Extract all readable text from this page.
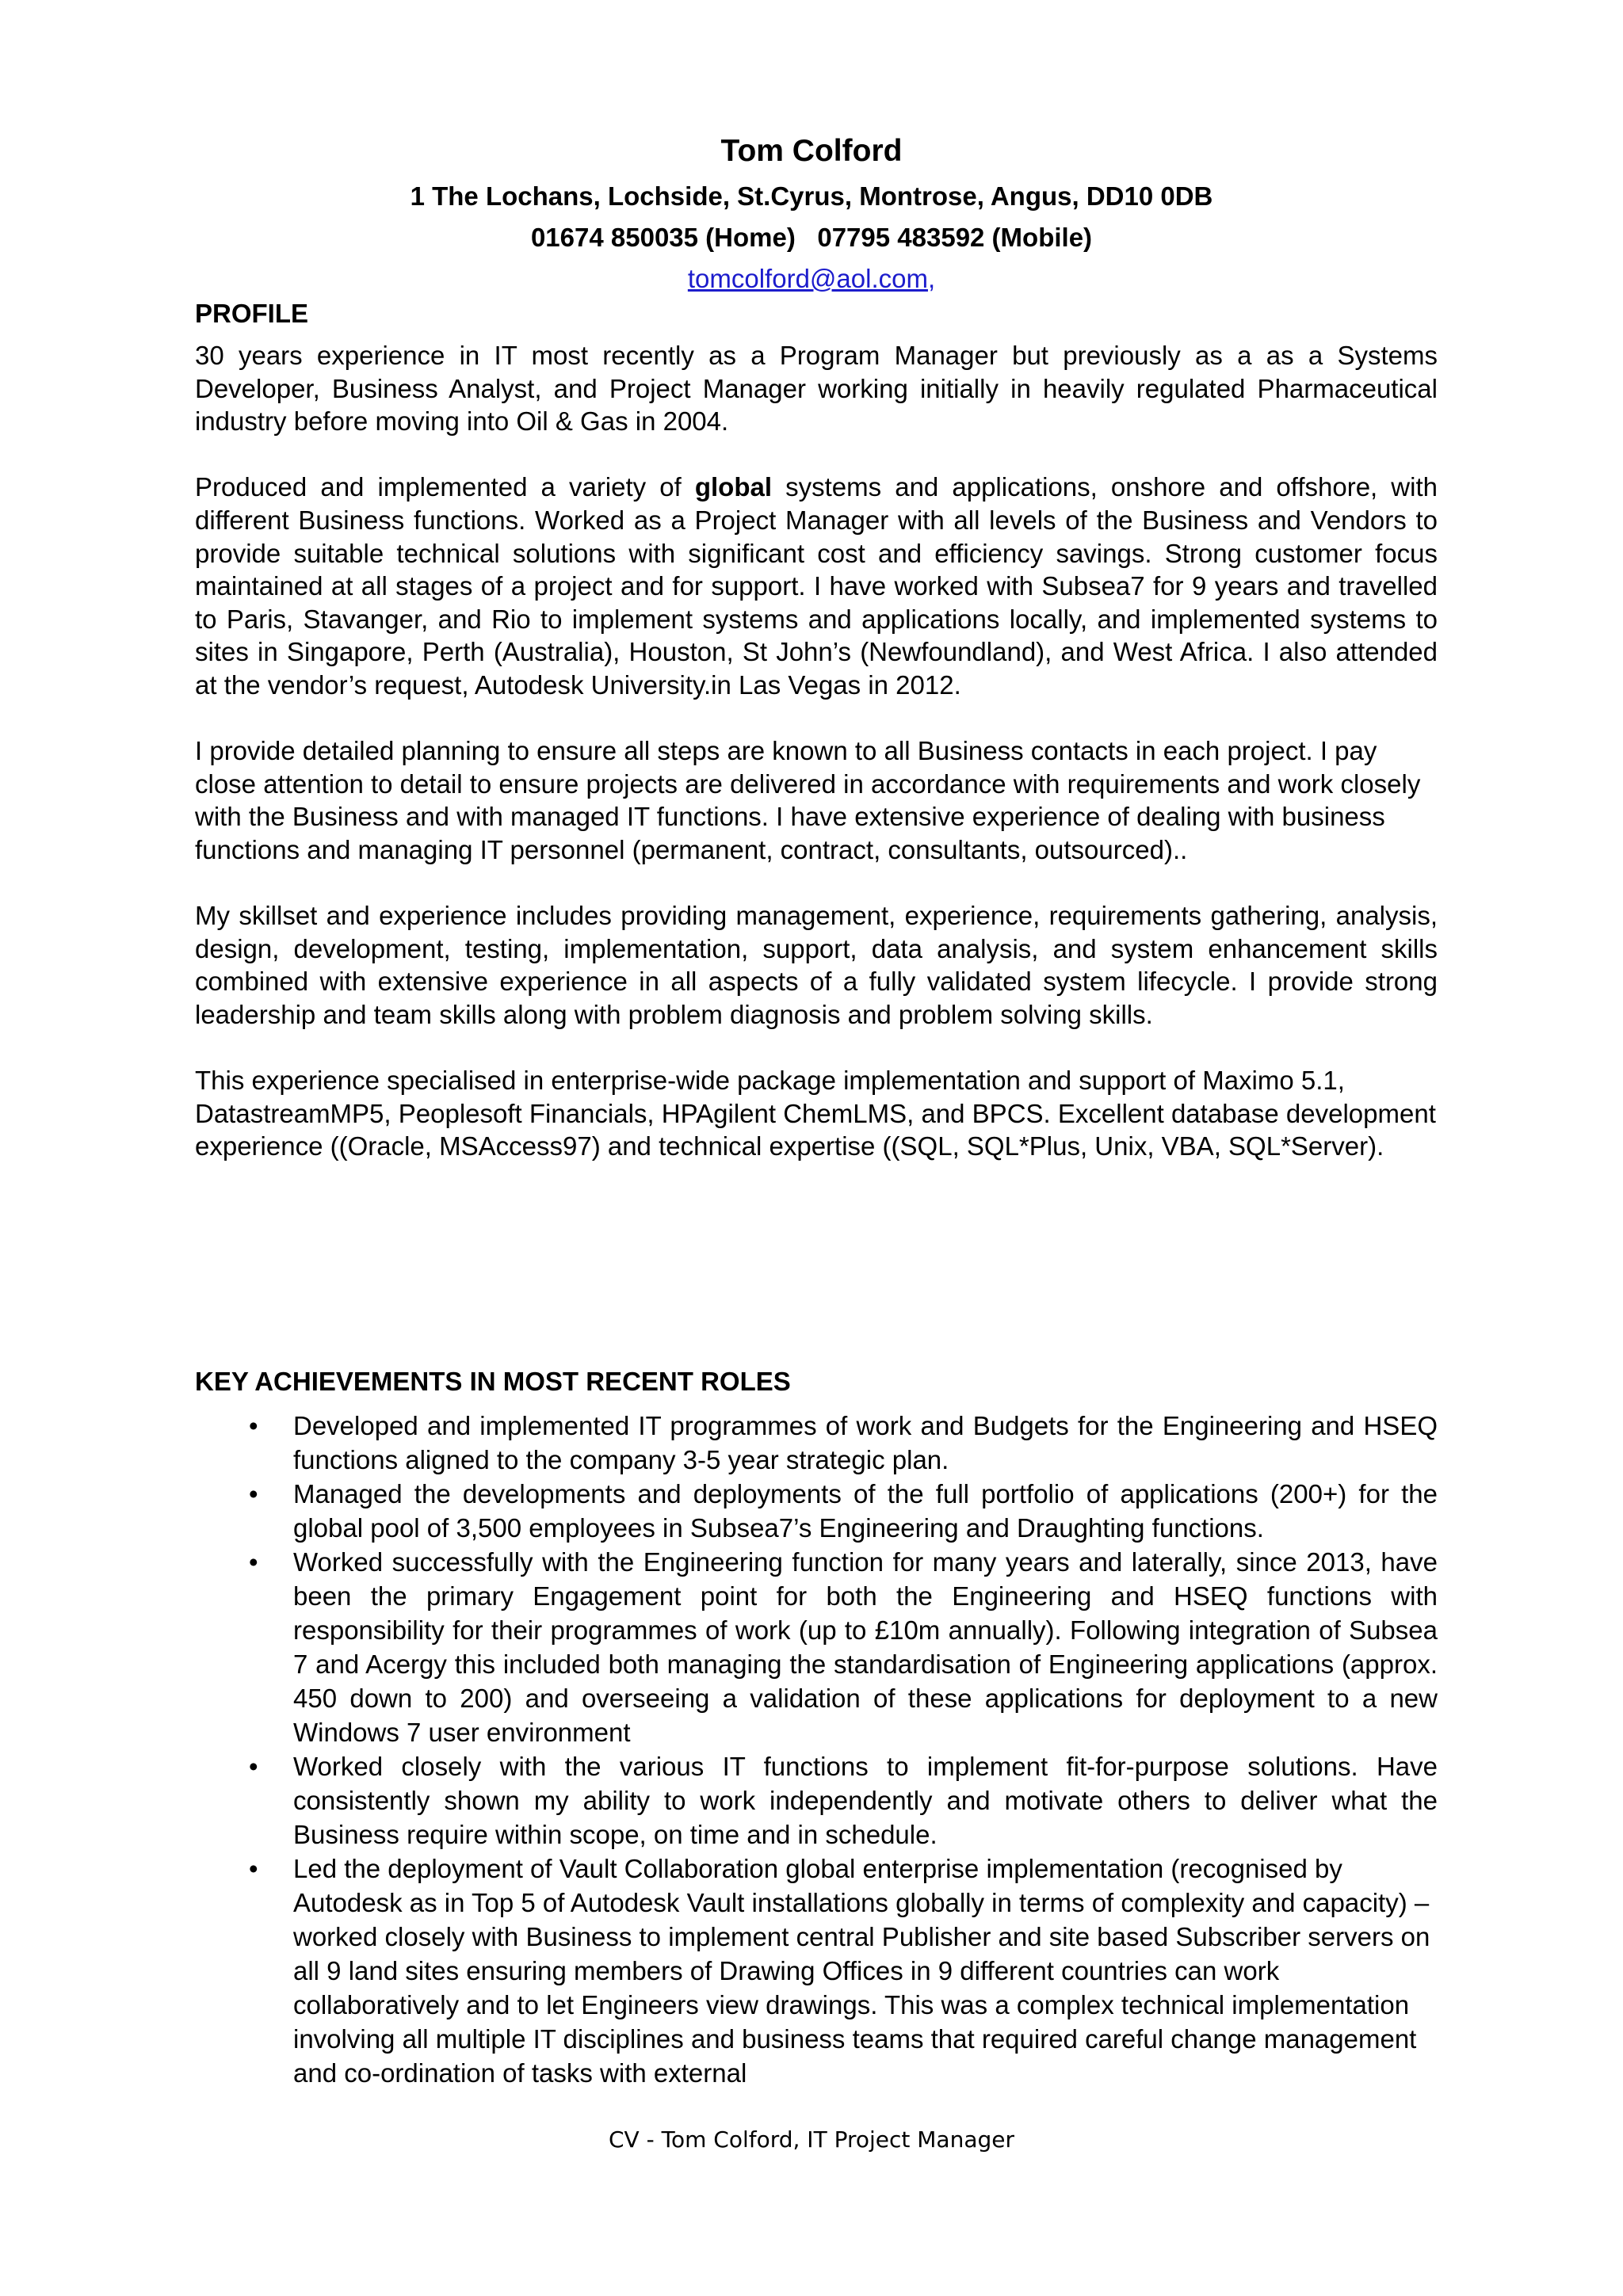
Tom Colford
1 The Lochans, Lochside, St.Cyrus, Montrose, Angus, DD10 0DB
01674 850035 (Home)   07795 483592 (Mobile)
tomcolford@aol.com,
PROFILE

30 years experience in IT most recently as a Program Manager but previously as a as a Systems Developer, Business Analyst, and Project Manager working initially in heavily regulated Pharmaceutical industry before moving into Oil & Gas in 2004.

Produced and implemented a variety of global systems and applications, onshore and offshore, with different Business functions. Worked as a Project Manager with all levels of the Business and Vendors to provide suitable technical solutions with significant cost and efficiency savings. Strong customer focus maintained at all stages of a project and for support. I have worked with Subsea7 for 9 years and travelled to Paris, Stavanger, and Rio to implement systems and applications locally, and implemented systems to sites in Singapore, Perth (Australia), Houston, St John’s (Newfoundland), and West Africa. I also attended at the vendor’s request, Autodesk University.in Las Vegas in 2012.

I provide detailed planning to ensure all steps are known to all Business contacts in each project. I pay close attention to detail to ensure projects are delivered in accordance with requirements and work closely with the Business and with managed IT functions. I have extensive experience of dealing with business functions and managing IT personnel (permanent, contract, consultants, outsourced)..

My skillset and experience includes providing management, experience, requirements gathering, analysis, design, development, testing, implementation, support, data analysis, and system enhancement skills combined with extensive experience in all aspects of a fully validated system lifecycle. I provide strong leadership and team skills along with problem diagnosis and problem solving skills.

This experience specialised in enterprise-wide package implementation and support of Maximo 5.1, DatastreamMP5, Peoplesoft Financials, HPAgilent ChemLMS, and BPCS. Excellent database development experience ((Oracle, MSAccess97) and technical expertise ((SQL, SQL*Plus, Unix, VBA, SQL*Server).

KEY ACHIEVEMENTS IN MOST RECENT ROLES
• Developed and implemented IT programmes of work and Budgets for the Engineering and HSEQ functions aligned to the company 3-5 year strategic plan.
• Managed the developments and deployments of the full portfolio of applications (200+) for the global pool of 3,500 employees in Subsea7’s Engineering and Draughting functions.
• Worked successfully with the Engineering function for many years and laterally, since 2013, have been the primary Engagement point for both the Engineering and HSEQ functions with responsibility for their programmes of work (up to £10m annually). Following integration of Subsea 7 and Acergy this included both managing the standardisation of Engineering applications (approx. 450 down to 200) and overseeing a validation of these applications for deployment to a new Windows 7 user environment
• Worked closely with the various IT functions to implement fit-for-purpose solutions. Have consistently shown my ability to work independently and motivate others to deliver what the Business require within scope, on time and in schedule.
• Led the deployment of Vault Collaboration global enterprise implementation (recognised by Autodesk as in Top 5 of Autodesk Vault installations globally in terms of complexity and capacity) – worked closely with Business to implement central Publisher and site based Subscriber servers on all 9 land sites ensuring members of Drawing Offices in 9 different countries can work collaboratively and to let Engineers view drawings. This was a complex technical implementation involving all multiple IT disciplines and business teams that required careful change management and co-ordination of tasks with external
CV - Tom Colford, IT Project Manager
